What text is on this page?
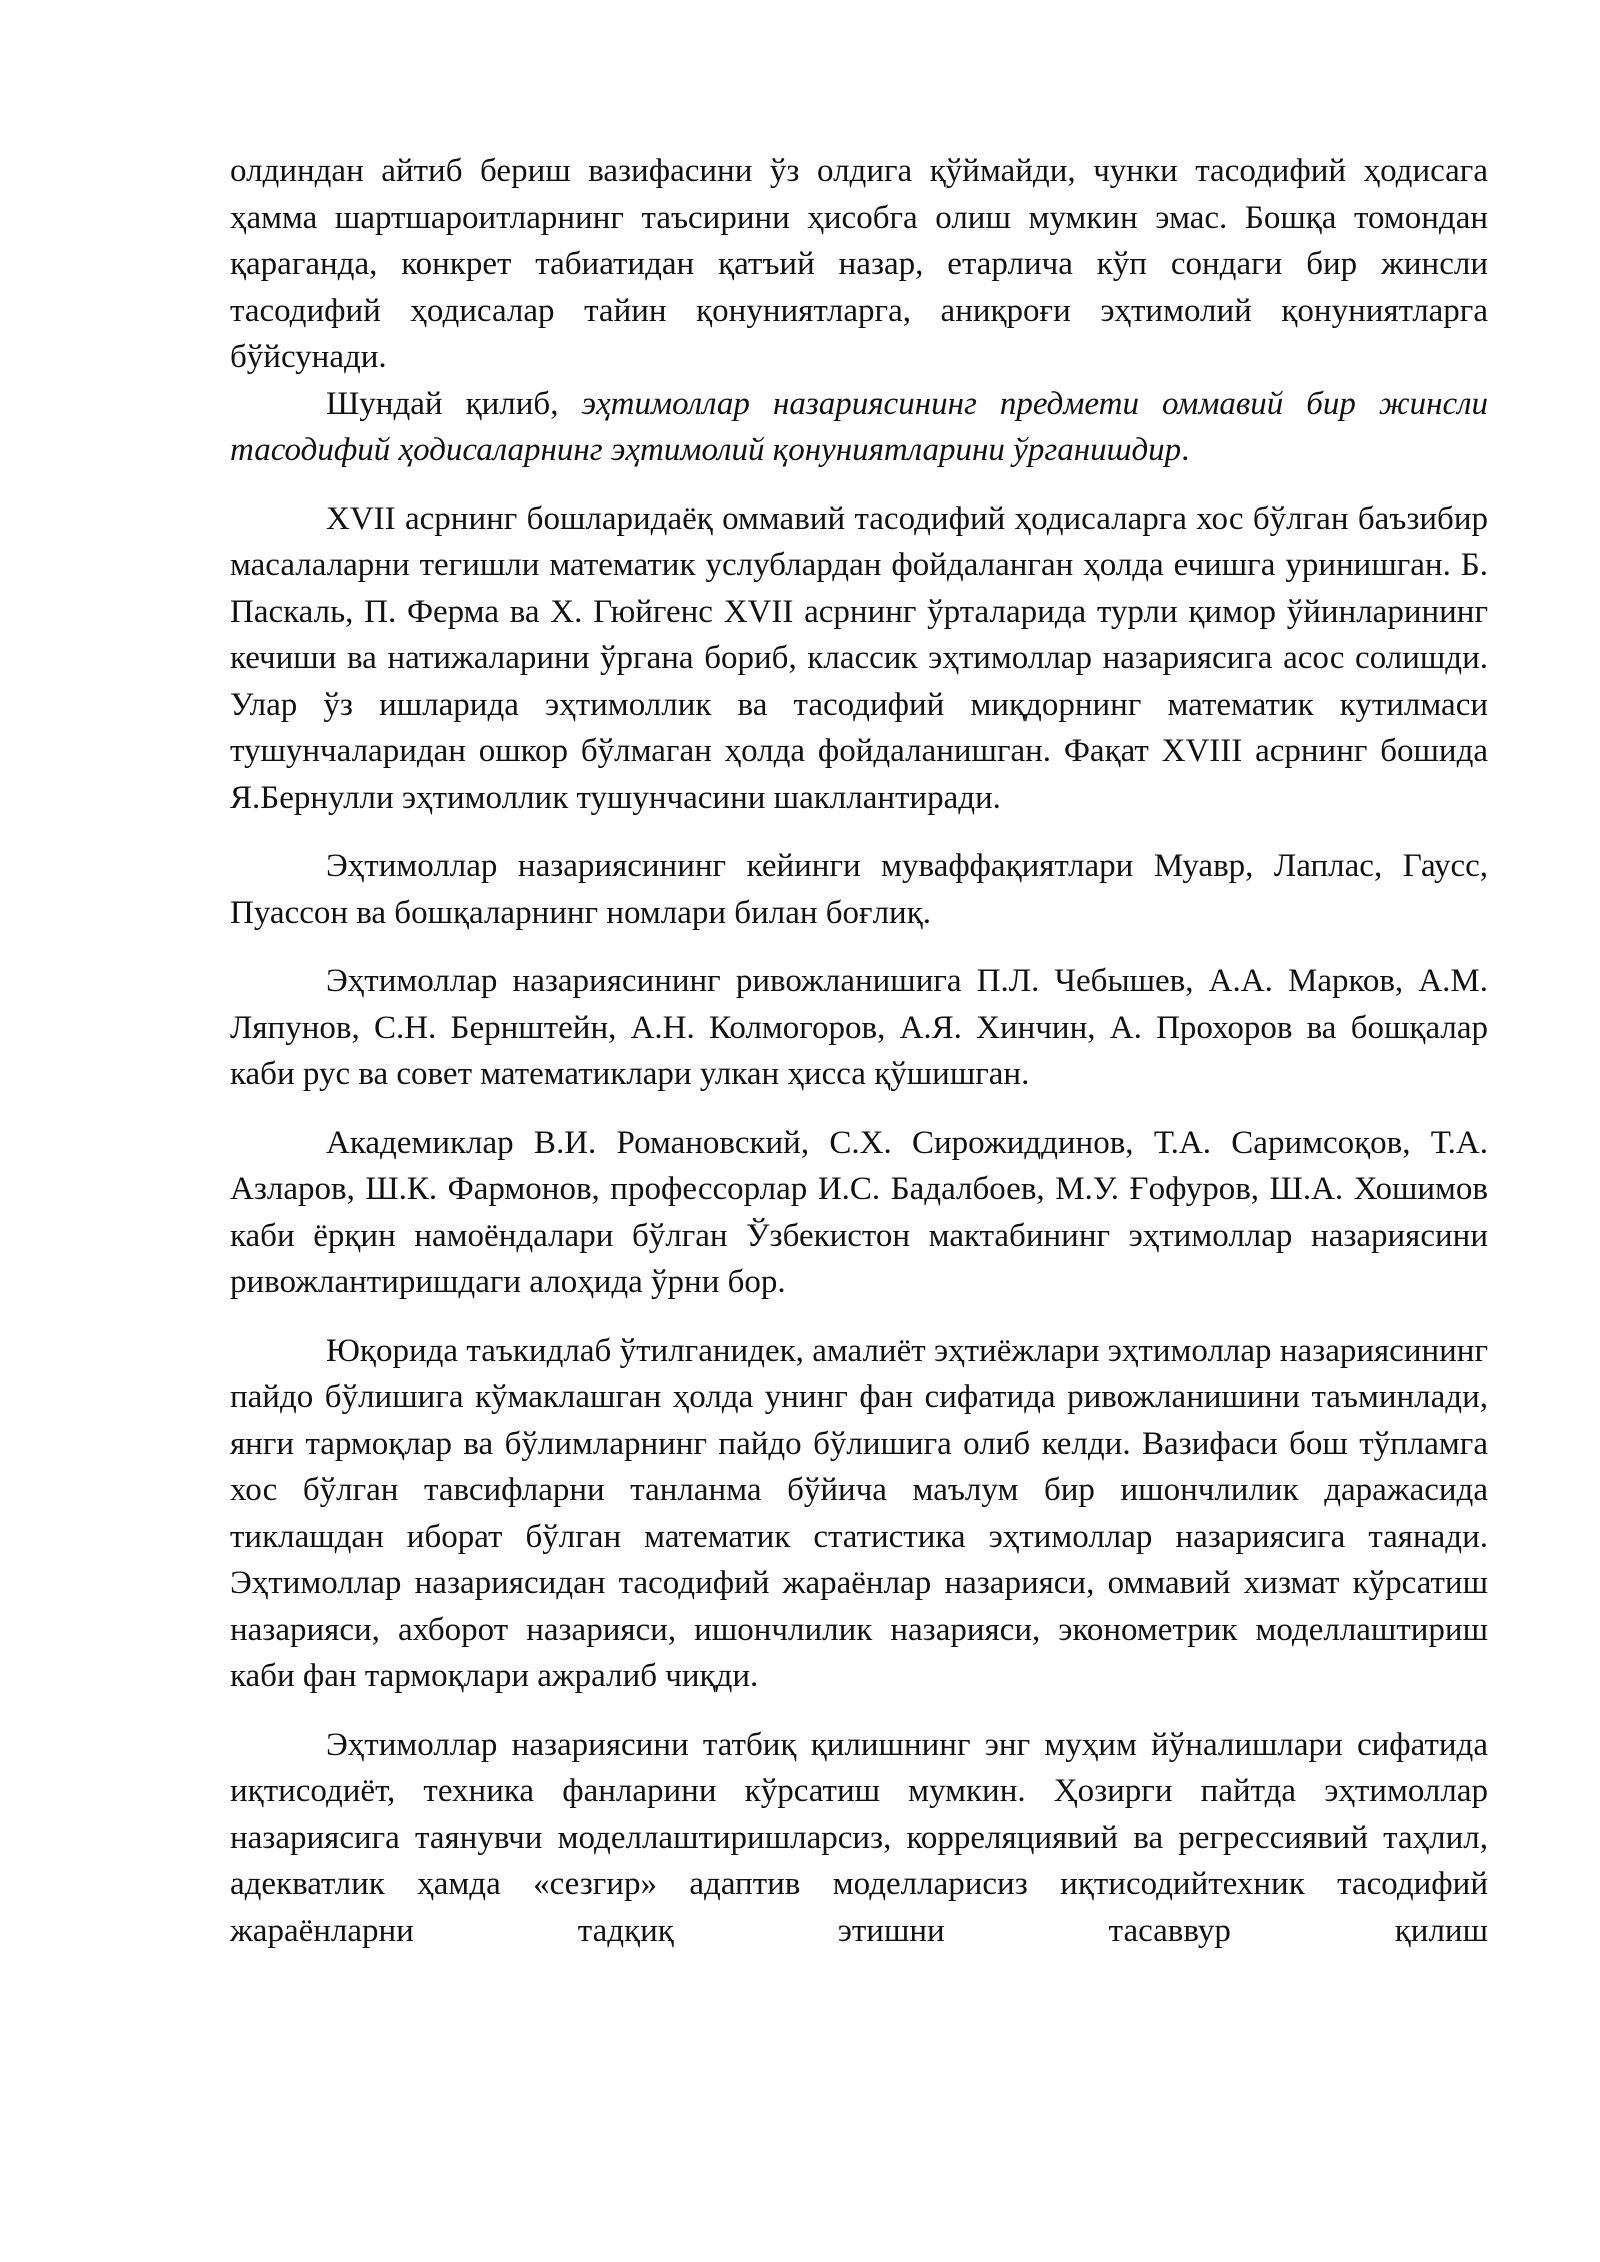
олдиндан айтиб бериш вазифасини ўз олдига қўймайди, чунки тасодифий ҳодисага ҳамма шартшароитларнинг таъсирини ҳисобга олиш мумкин эмас. Бошқа томондан қараганда, конкрет табиатидан қатъий назар, етарлича кўп сондаги бир жинсли тасодифий ҳодисалар тайин қонуниятларга, аниқроғи эҳтимолий қонуниятларга бўйсунади.

Шундай қилиб, эҳтимоллар назариясининг предмети оммавий бир жинсли тасодифий ҳодисаларнинг эҳтимолий қонуниятларини ўрганишдир.

XVII асрнинг бошларидаёқ оммавий тасодифий ҳодисаларга хос бўлган баъзибир масалаларни тегишли математик услублардан фойдаланган ҳолда ечишга уринишган. Б. Паскаль, П. Ферма ва X. Гюйгенс XVII асрнинг ўрталарида турли қимор ўйинларининг кечиши ва натижаларини ўргана бориб, классик эҳтимоллар назариясига асос солишди. Улар ўз ишларида эҳтимоллик ва тасодифий миқдорнинг математик кутилмаси тушунчаларидан ошкор бўлмаган ҳолда фойдаланишган. Фақат XVIII асрнинг бошида Я.Бернулли эҳтимоллик тушунчасини шакллантиради.

Эҳтимоллар назариясининг кейинги муваффақиятлари Муавр, Лаплас, Гаусс, Пуассон ва бошқаларнинг номлари билан боғлиқ.

Эҳтимоллар назариясининг ривожланишига П.Л. Чебышев, А.А. Марков, А.М. Ляпунов, С.Н. Бернштейн, А.Н. Колмогоров, А.Я. Хинчин, А. Прохоров ва бошқалар каби рус ва совет математиклари улкан ҳисса қўшишган.

Академиклар В.И. Романовский, С.Х. Сирожиддинов, Т.А. Саримсоқов, Т.А. Азларов, Ш.К. Фармонов, профессорлар И.С. Бадалбоев, М.У. Ғофуров, Ш.А. Хошимов каби ёрқин намоёндалари бўлган Ўзбекистон мактабининг эҳтимоллар назариясини ривожлантиришдаги алоҳида ўрни бор.

Юқорида таъкидлаб ўтилганидек, амалиёт эҳтиёжлари эҳтимоллар назариясининг пайдо бўлишига кўмаклашган ҳолда унинг фан сифатида ривожланишини таъминлади, янги тармоқлар ва бўлимларнинг пайдо бўлишига олиб келди. Вазифаси бош тўпламга хос бўлган тавсифларни танланма бўйича маълум бир ишончлилик даражасида тиклашдан иборат бўлган математик статистика эҳтимоллар назариясига таянади. Эҳтимоллар назариясидан тасодифий жараёнлар назарияси, оммавий хизмат кўрсатиш назарияси, ахборот назарияси, ишончлилик назарияси, эконометрик моделлаштириш каби фан тармоқлари ажралиб чиқди.

Эҳтимоллар назариясини татбиқ қилишнинг энг муҳим йўналишлари сифатида иқтисодиёт, техника фанларини кўрсатиш мумкин. Ҳозирги пайтда эҳтимоллар назариясига таянувчи моделлаштиришларсиз, корреляциявий ва регрессиявий таҳлил, адекватлик ҳамда «сезгир» адаптив моделларисиз иқтисодийтехник тасодифий жараёнларни тадқиқ этишни тасаввур қилиш
